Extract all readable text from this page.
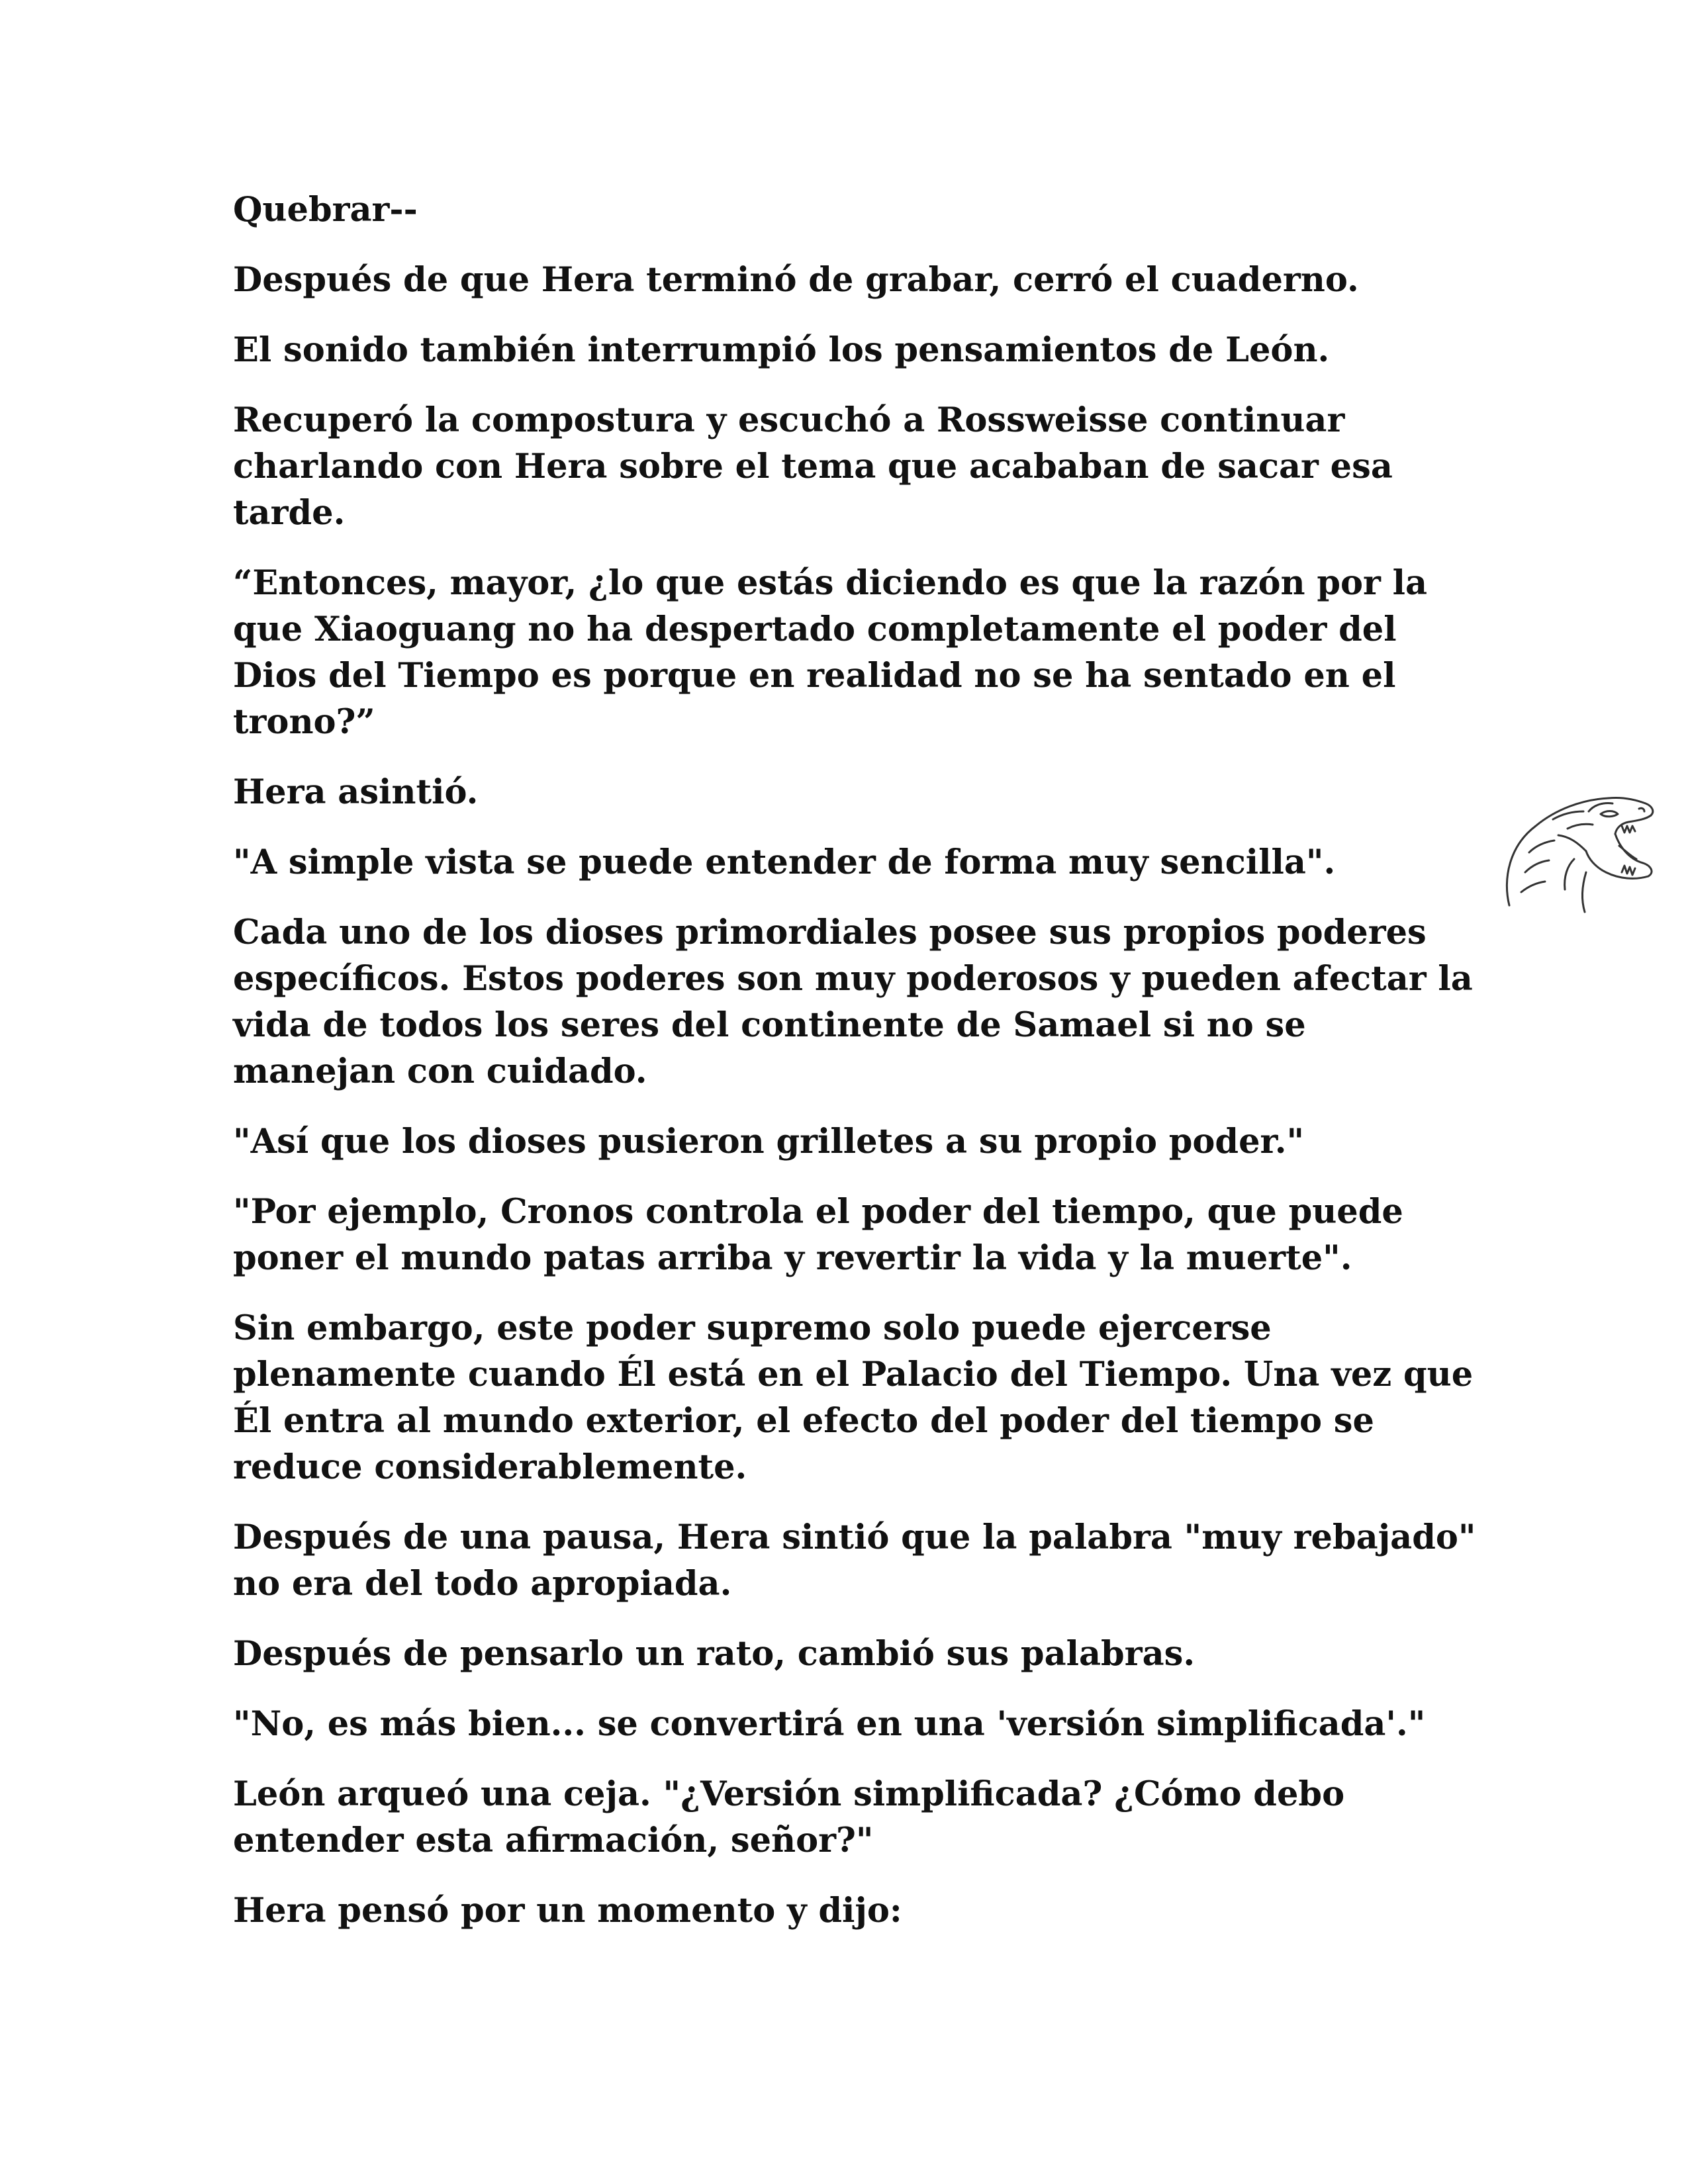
Quebrar--

Después de que Hera terminó de grabar, cerró el cuaderno.

El sonido también interrumpió los pensamientos de León.

Recuperó la compostura y escuchó a Rossweisse continuar charlando con Hera sobre el tema que acababan de sacar esa tarde.

“Entonces, mayor, ¿lo que estás diciendo es que la razón por la que Xiaoguang no ha despertado completamente el poder del Dios del Tiempo es porque en realidad no se ha sentado en el trono?”

Hera asintió.

"A simple vista se puede entender de forma muy sencilla".

Cada uno de los dioses primordiales posee sus propios poderes específicos. Estos poderes son muy poderosos y pueden afectar la vida de todos los seres del continente de Samael si no se manejan con cuidado.

"Así que los dioses pusieron grilletes a su propio poder."

"Por ejemplo, Cronos controla el poder del tiempo, que puede poner el mundo patas arriba y revertir la vida y la muerte".

Sin embargo, este poder supremo solo puede ejercerse plenamente cuando Él está en el Palacio del Tiempo. Una vez que Él entra al mundo exterior, el efecto del poder del tiempo se reduce considerablemente.

Después de una pausa, Hera sintió que la palabra "muy rebajado" no era del todo apropiada.

Después de pensarlo un rato, cambió sus palabras.

"No, es más bien... se convertirá en una 'versión simplificada'."

León arqueó una ceja. "¿Versión simplificada? ¿Cómo debo entender esta afirmación, señor?"

Hera pensó por un momento y dijo:
